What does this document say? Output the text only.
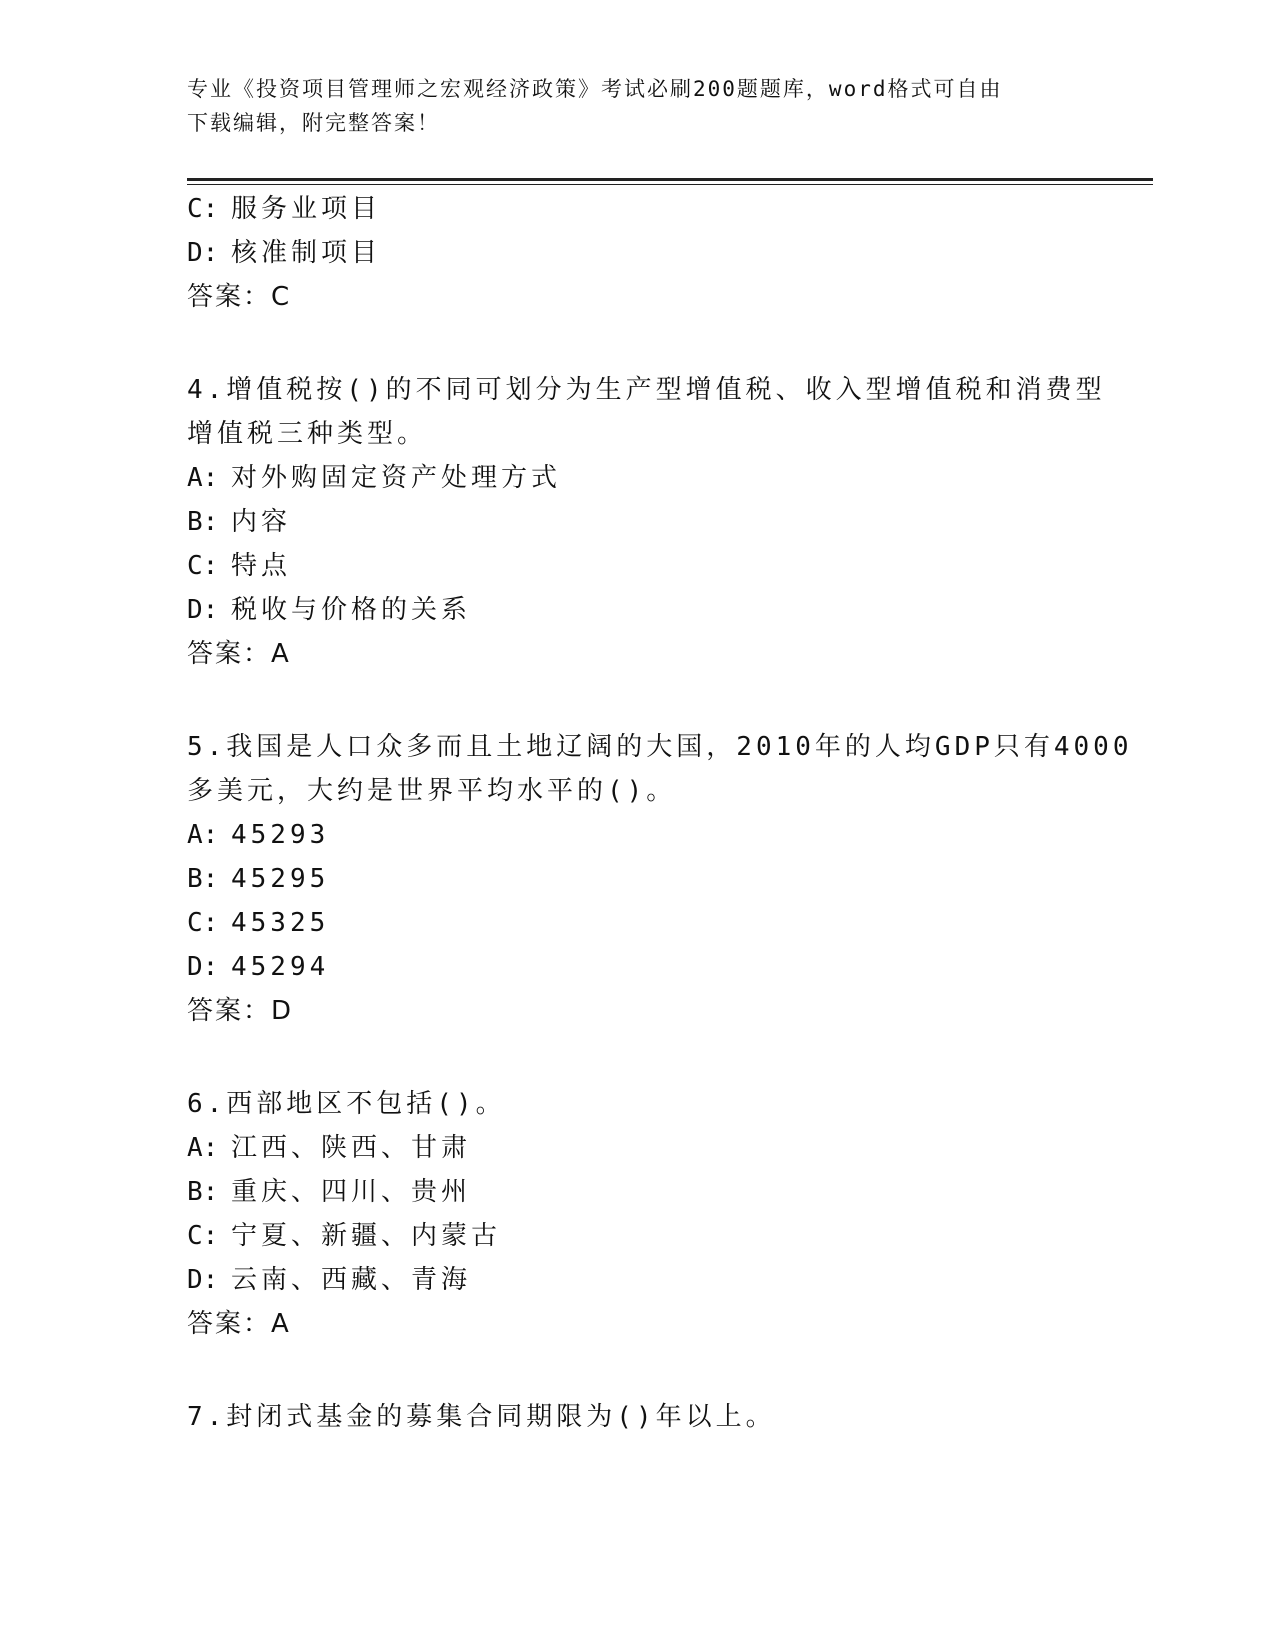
专业《投资项目管理师之宏观经济政策》考试必刷200题题库，word格式可自由
下载编辑，附完整答案！
C: 服务业项目
D: 核准制项目
答案：C
4.增值税按()的不同可划分为生产型增值税、收入型增值税和消费型
增值税三种类型。
A: 对外购固定资产处理方式
B: 内容
C: 特点
D: 税收与价格的关系
答案：A
5.我国是人口众多而且土地辽阔的大国，2010年的人均GDP只有4000
多美元，大约是世界平均水平的()。
A: 45293
B: 45295
C: 45325
D: 45294
答案：D
6.西部地区不包括()。
A: 江西、陕西、甘肃
B: 重庆、四川、贵州
C: 宁夏、新疆、内蒙古
D: 云南、西藏、青海
答案：A
7.封闭式基金的募集合同期限为()年以上。
